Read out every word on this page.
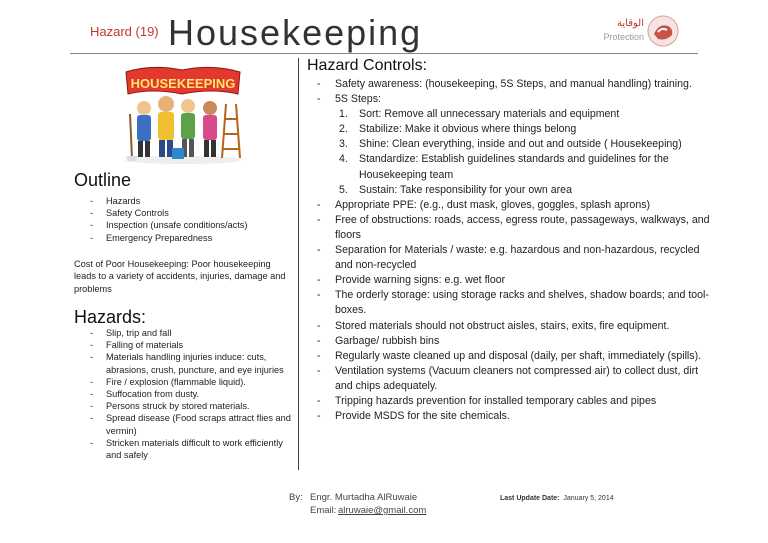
Hazard (19) Housekeeping	الوقاية
Protection
HOUSEKEEPING
Outline
- Hazards
- Safety Controls
- Inspection (unsafe conditions/acts)
- Emergency Preparedness
Cost of Poor Housekeeping: Poor housekeeping leads to a variety of accidents, injuries, damage and problems
Hazards:
- Slip, trip and fall
- Falling of materials
- Materials handling injuries induce: cuts, abrasions, crush, puncture, and eye injuries
- Fire / explosion (flammable liquid).
- Suffocation from dusty.
- Persons struck by stored materials.
- Spread disease (Food scraps attract flies and vermin)
- Stricken materials difficult to work efficiently and safely
Hazard Controls:
- Safety awareness: (housekeeping, 5S Steps, and manual handling) training.
- 5S Steps:
1. Sort: Remove all unnecessary materials and equipment
2. Stabilize: Make it obvious where things belong
3. Shine: Clean everything, inside and out and outside ( Housekeeping)
4. Standardize: Establish guidelines standards and guidelines for the Housekeeping team
5. Sustain: Take responsibility for your own area
- Appropriate PPE: (e.g., dust mask, gloves, goggles, splash aprons)
- Free of obstructions: roads, access, egress route, passageways, walkways, and floors
- Separation for Materials / waste: e.g. hazardous and non-hazardous, recycled and non-recycled
- Provide warning signs: e.g. wet floor
- The orderly storage: using storage racks and shelves, shadow boards; and tool-boxes.
- Stored materials should not obstruct aisles, stairs, exits, fire equipment.
- Garbage/ rubbish bins
- Regularly waste cleaned up and disposal (daily, per shaft, immediately (spills).
- Ventilation systems (Vacuum cleaners not compressed air) to collect dust, dirt and chips adequately.
- Tripping hazards prevention for installed temporary cables and pipes
- Provide MSDS for the site chemicals.
By: Engr. Murtadha AlRuwaie
Email: alruwaie@gmail.com
Last Update Date: January 5, 2014
